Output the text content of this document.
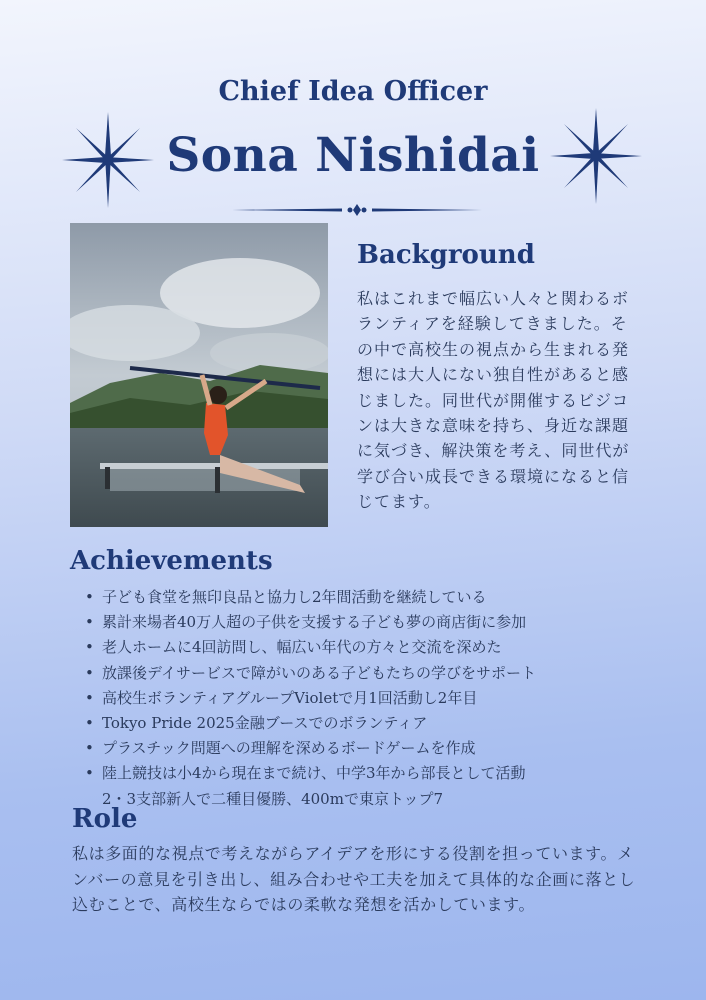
Chief Idea Officer
Sona Nishidai
Background
私はこれまで幅広い人々と関わるボランティアを経験してきました。その中で高校生の視点から生まれる発想には大人にない独自性があると感じました。同世代が開催するビジコンは大きな意味を持ち、身近な課題に気づき、解決策を考え、同世代が学び合い成長できる環境になると信じてます。
Achievements
• 子ども食堂を無印良品と協力し2年間活動を継続している
• 累計来場者40万人超の子供を支援する子ども夢の商店街に参加
• 老人ホームに4回訪問し、幅広い年代の方々と交流を深めた
• 放課後デイサービスで障がいのある子どもたちの学びをサポート
• 高校生ボランティアグループVioletで月1回活動し2年目
• Tokyo Pride 2025金融ブースでのボランティア
• プラスチック問題への理解を深めるボードゲームを作成
• 陸上競技は小4から現在まで続け、中学3年から部長として活動
2・3支部新人で二種目優勝、400mで東京トップ7
Role
私は多面的な視点で考えながらアイデアを形にする役割を担っています。メンバーの意見を引き出し、組み合わせや工夫を加えて具体的な企画に落とし込むことで、高校生ならではの柔軟な発想を活かしています。
